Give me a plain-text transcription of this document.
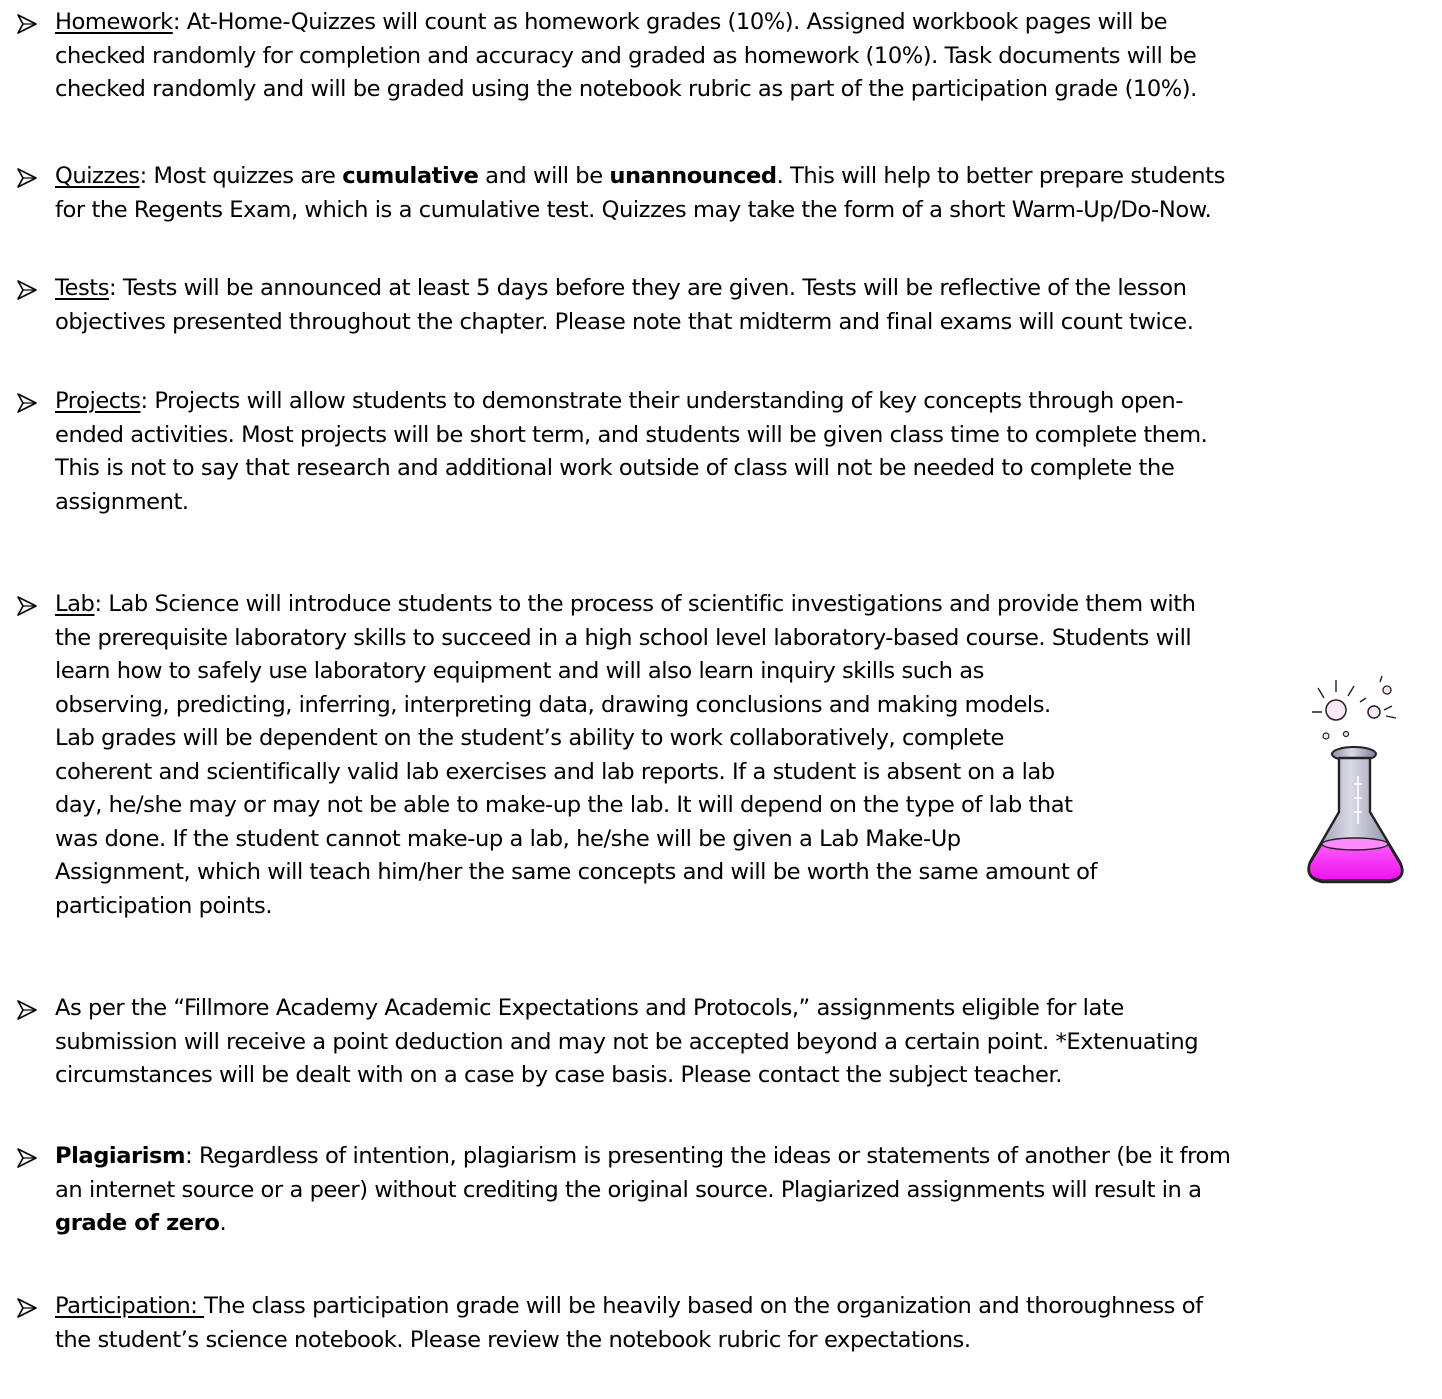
Homework: At-Home-Quizzes will count as homework grades (10%). Assigned workbook pages will be
checked randomly for completion and accuracy and graded as homework (10%). Task documents will be
checked randomly and will be graded using the notebook rubric as part of the participation grade (10%).
Quizzes: Most quizzes are cumulative and will be unannounced. This will help to better prepare students
for the Regents Exam, which is a cumulative test. Quizzes may take the form of a short Warm-Up/Do-Now.
Tests: Tests will be announced at least 5 days before they are given. Tests will be reflective of the lesson
objectives presented throughout the chapter. Please note that midterm and final exams will count twice.
Projects: Projects will allow students to demonstrate their understanding of key concepts through open-
ended activities. Most projects will be short term, and students will be given class time to complete them.
This is not to say that research and additional work outside of class will not be needed to complete the
assignment.
Lab: Lab Science will introduce students to the process of scientific investigations and provide them with
the prerequisite laboratory skills to succeed in a high school level laboratory-based course. Students will
learn how to safely use laboratory equipment and will also learn inquiry skills such as
observing, predicting, inferring, interpreting data, drawing conclusions and making models.
Lab grades will be dependent on the student’s ability to work collaboratively, complete
coherent and scientifically valid lab exercises and lab reports. If a student is absent on a lab
day, he/she may or may not be able to make-up the lab. It will depend on the type of lab that
was done. If the student cannot make-up a lab, he/she will be given a Lab Make-Up
Assignment, which will teach him/her the same concepts and will be worth the same amount of
participation points.
As per the “Fillmore Academy Academic Expectations and Protocols,” assignments eligible for late
submission will receive a point deduction and may not be accepted beyond a certain point. *Extenuating
circumstances will be dealt with on a case by case basis. Please contact the subject teacher.
Plagiarism: Regardless of intention, plagiarism is presenting the ideas or statements of another (be it from
an internet source or a peer) without crediting the original source. Plagiarized assignments will result in a
grade of zero.
Participation: The class participation grade will be heavily based on the organization and thoroughness of
the student’s science notebook. Please review the notebook rubric for expectations.
